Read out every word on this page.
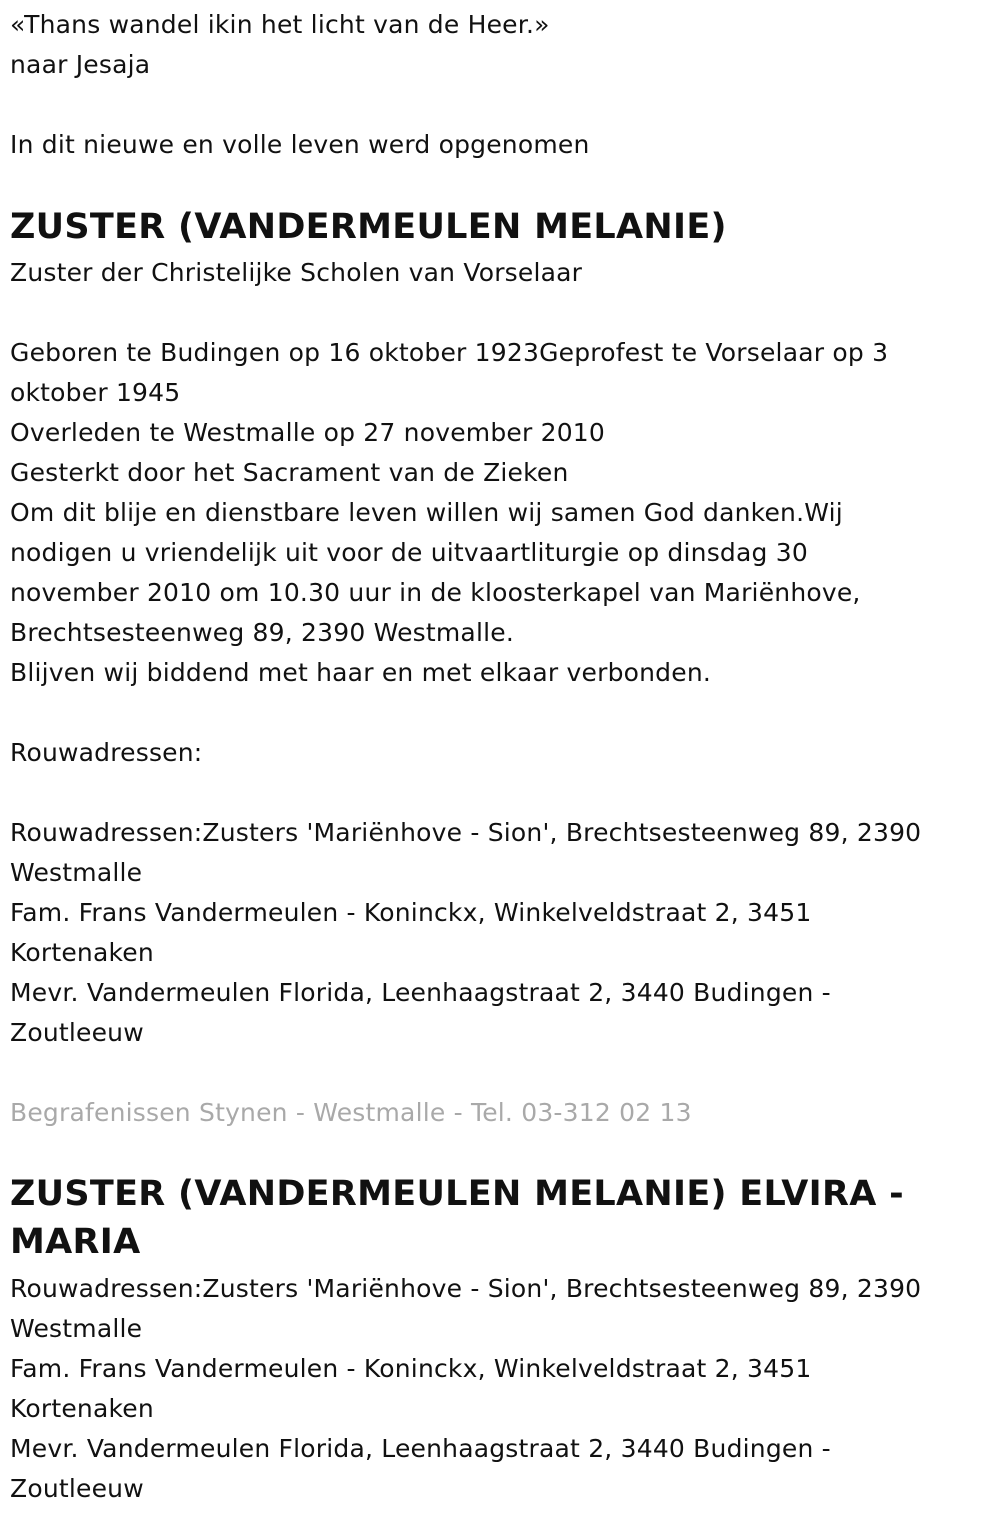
«Thans wandel ikin het licht van de Heer.»

naar Jesaja

In dit nieuwe en volle leven werd opgenomen

ZUSTER (VANDERMEULEN MELANIE)

Zuster der Christelijke Scholen van Vorselaar

Geboren te Budingen op 16 oktober 1923Geprofest te Vorselaar op 3

oktober 1945

Overleden te Westmalle op 27 november 2010

Gesterkt door het Sacrament van de Zieken

Om dit blije en dienstbare leven willen wij samen God danken.Wij

nodigen u vriendelijk uit voor de uitvaartliturgie op dinsdag 30

november 2010 om 10.30 uur in de kloosterkapel van Mariënhove,

Brechtsesteenweg 89, 2390 Westmalle.

Blijven wij biddend met haar en met elkaar verbonden.

Rouwadressen:

Rouwadressen:Zusters 'Mariënhove - Sion', Brechtsesteenweg 89, 2390

Westmalle

Fam. Frans Vandermeulen - Koninckx, Winkelveldstraat 2, 3451

Kortenaken

Mevr. Vandermeulen Florida, Leenhaagstraat 2, 3440 Budingen -

Zoutleeuw

Begrafenissen Stynen - Westmalle - Tel. 03-312 02 13

ZUSTER (VANDERMEULEN MELANIE) ELVIRA -
MARIA

Rouwadressen:Zusters 'Mariënhove - Sion', Brechtsesteenweg 89, 2390

Westmalle

Fam. Frans Vandermeulen - Koninckx, Winkelveldstraat 2, 3451

Kortenaken

Mevr. Vandermeulen Florida, Leenhaagstraat 2, 3440 Budingen -

Zoutleeuw
